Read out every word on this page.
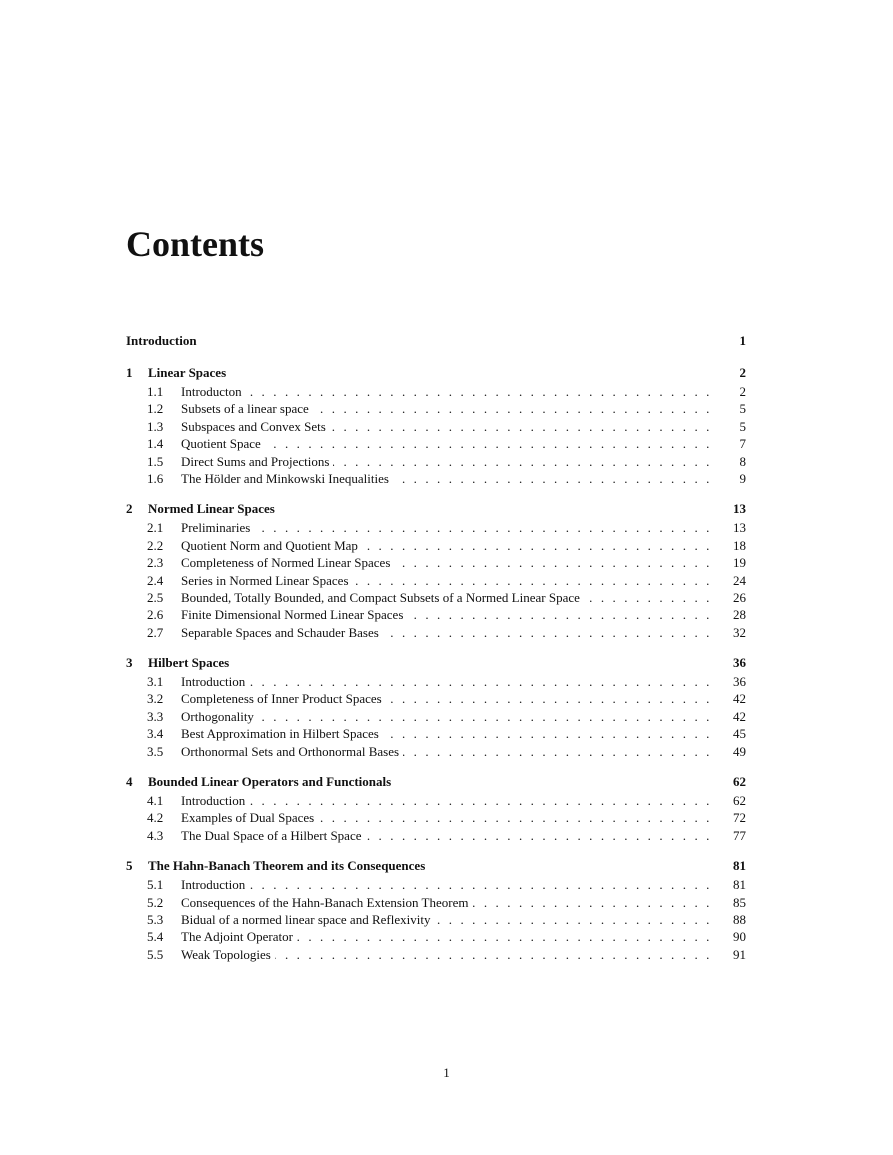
Contents
Introduction	1
1	Linear Spaces	2
1.1	Introducton . . .	2
1.2	Subsets of a linear space . . .	5
1.3	Subspaces and Convex Sets . . .	5
1.4	Quotient Space . . .	7
1.5	Direct Sums and Projections . . .	8
1.6	The Hölder and Minkowski Inequalities . . .	9
2	Normed Linear Spaces	13
2.1	Preliminaries . . .	13
2.2	Quotient Norm and Quotient Map . . .	18
2.3	Completeness of Normed Linear Spaces . . .	19
2.4	Series in Normed Linear Spaces . . .	24
2.5	Bounded, Totally Bounded, and Compact Subsets of a Normed Linear Space . . .	26
2.6	Finite Dimensional Normed Linear Spaces . . .	28
2.7	Separable Spaces and Schauder Bases . . .	32
3	Hilbert Spaces	36
3.1	Introduction . . .	36
3.2	Completeness of Inner Product Spaces . . .	42
3.3	Orthogonality . . .	42
3.4	Best Approximation in Hilbert Spaces . . .	45
3.5	Orthonormal Sets and Orthonormal Bases . . .	49
4	Bounded Linear Operators and Functionals	62
4.1	Introduction . . .	62
4.2	Examples of Dual Spaces . . .	72
4.3	The Dual Space of a Hilbert Space . . .	77
5	The Hahn-Banach Theorem and its Consequences	81
5.1	Introduction . . .	81
5.2	Consequences of the Hahn-Banach Extension Theorem . . .	85
5.3	Bidual of a normed linear space and Reflexivity . . .	88
5.4	The Adjoint Operator . . .	90
5.5	Weak Topologies . . .	91
1
